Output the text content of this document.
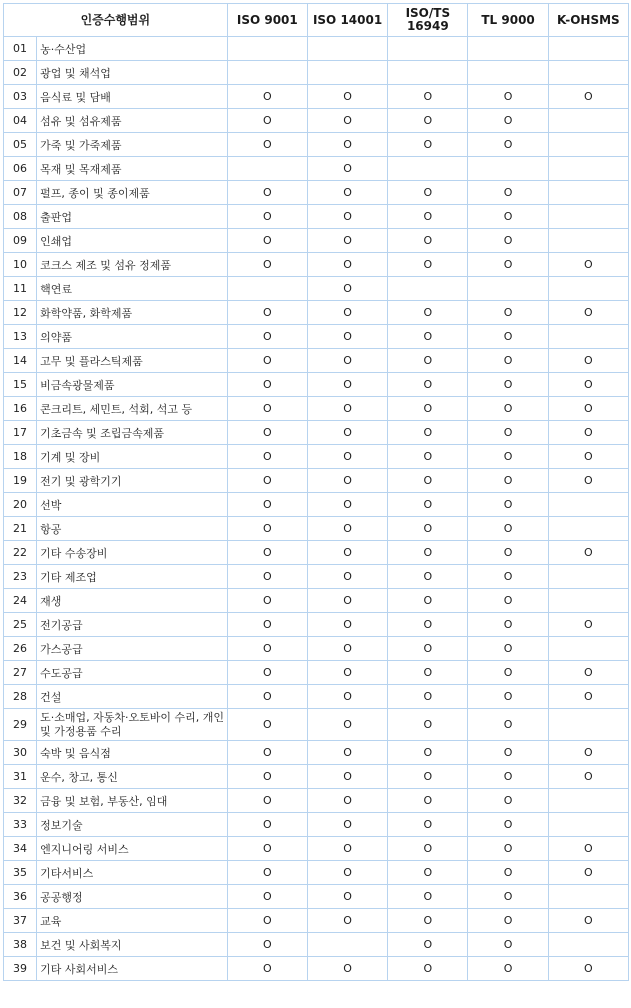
인증수행범위		ISO 9001	ISO 14001	ISO/TS 16949	TL 9000	K-OHSMS
01	농·수산업					
02	광업 및 채석업					
03	음식료 및 담배	O	O	O	O	O
04	섬유 및 섬유제품	O	O	O	O	
05	가죽 및 가죽제품	O	O	O	O	
06	목재 및 목재제품		O			
07	펄프, 종이 및 종이제품	O	O	O	O	
08	출판업	O	O	O	O	
09	인쇄업	O	O	O	O	
10	코크스 제조 및 섬유 정제품	O	O	O	O	O
11	핵연료		O			
12	화학약품, 화학제품	O	O	O	O	O
13	의약품	O	O	O	O	
14	고무 및 플라스틱제품	O	O	O	O	O
15	비금속광물제품	O	O	O	O	O
16	콘크리트, 세민트, 석회, 석고 등	O	O	O	O	O
17	기초금속 및 조립금속제품	O	O	O	O	O
18	기계 및 장비	O	O	O	O	O
19	전기 및 광학기기	O	O	O	O	O
20	선박	O	O	O	O	
21	항공	O	O	O	O	
22	기타 수송장비	O	O	O	O	O
23	기타 제조업	O	O	O	O	
24	재생	O	O	O	O	
25	전기공급	O	O	O	O	O
26	가스공급	O	O	O	O	
27	수도공급	O	O	O	O	O
28	건설	O	O	O	O	O
29	도·소매업, 자동차·오토바이 수리, 개인 및 가정용품 수리	O	O	O	O	
30	숙박 및 음식점	O	O	O	O	O
31	운수, 창고, 통신	O	O	O	O	O
32	금융 및 보험, 부동산, 임대	O	O	O	O	
33	정보기술	O	O	O	O	
34	엔지니어링 서비스	O	O	O	O	O
35	기타서비스	O	O	O	O	O
36	공공행정	O	O	O	O	
37	교육	O	O	O	O	O
38	보건 및 사회복지	O		O	O	
39	기타 사회서비스	O	O	O	O	O
